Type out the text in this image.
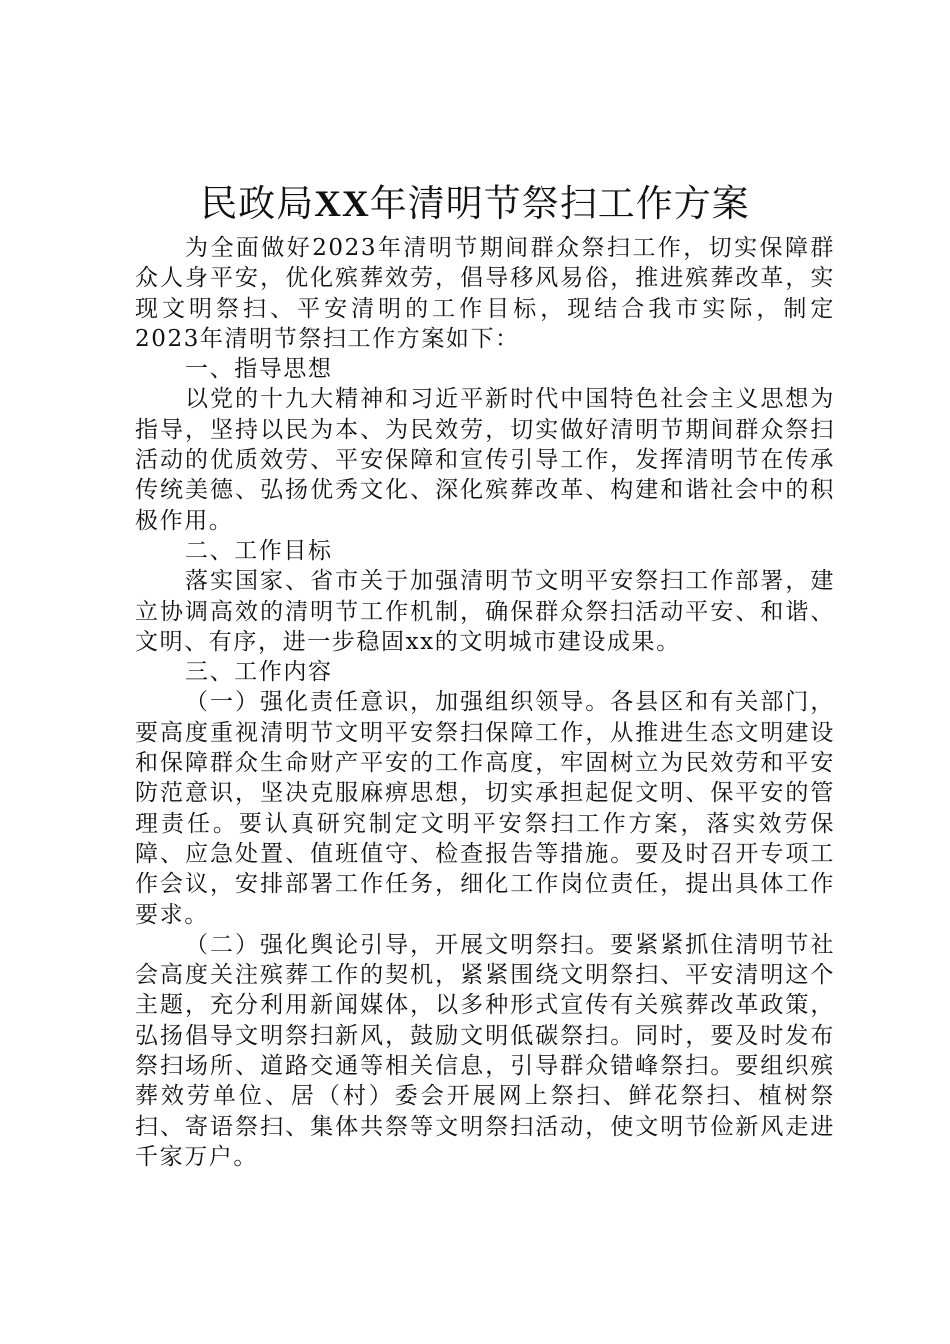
民政局XX年清明节祭扫工作方案

为全面做好2023年清明节期间群众祭扫工作，切实保障群众人身平安，优化殡葬效劳，倡导移风易俗，推进殡葬改革，实现文明祭扫、平安清明的工作目标，现结合我市实际，制定2023年清明节祭扫工作方案如下：

一、指导思想

以党的十九大精神和习近平新时代中国特色社会主义思想为指导，坚持以民为本、为民效劳，切实做好清明节期间群众祭扫活动的优质效劳、平安保障和宣传引导工作，发挥清明节在传承传统美德、弘扬优秀文化、深化殡葬改革、构建和谐社会中的积极作用。

二、工作目标

落实国家、省市关于加强清明节文明平安祭扫工作部署，建立协调高效的清明节工作机制，确保群众祭扫活动平安、和谐、文明、有序，进一步稳固xx的文明城市建设成果。

三、工作内容

（一）强化责任意识，加强组织领导。各县区和有关部门，要高度重视清明节文明平安祭扫保障工作，从推进生态文明建设和保障群众生命财产平安的工作高度，牢固树立为民效劳和平安防范意识，坚决克服麻痹思想，切实承担起促文明、保平安的管理责任。要认真研究制定文明平安祭扫工作方案，落实效劳保障、应急处置、值班值守、检查报告等措施。要及时召开专项工作会议，安排部署工作任务，细化工作岗位责任，提出具体工作要求。

（二）强化舆论引导，开展文明祭扫。要紧紧抓住清明节社会高度关注殡葬工作的契机，紧紧围绕文明祭扫、平安清明这个主题，充分利用新闻媒体，以多种形式宣传有关殡葬改革政策，弘扬倡导文明祭扫新风，鼓励文明低碳祭扫。同时，要及时发布祭扫场所、道路交通等相关信息，引导群众错峰祭扫。要组织殡葬效劳单位、居（村）委会开展网上祭扫、鲜花祭扫、植树祭扫、寄语祭扫、集体共祭等文明祭扫活动，使文明节俭新风走进千家万户。
